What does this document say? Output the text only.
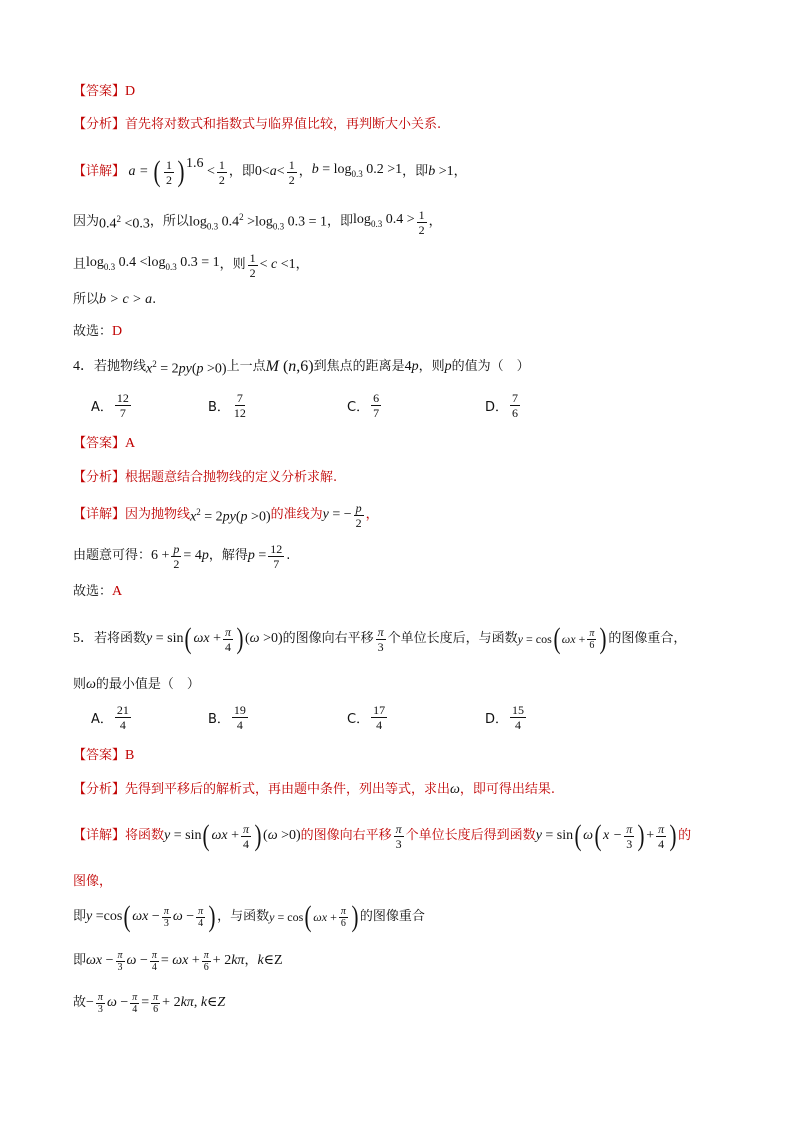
【答案】 D
【分析】 首先将对数式和指数式与临界值比较，再判断大小关系.
【详解】 a = ( $\frac{1}{2}$ ) 1.6
< $\frac{1}{2}$ ，即 $0<a< \frac{1}{2}$ ， $b = \log_{0.3} 0.2 >1$ ，即 b >1 ，
因为 $0.4^2 <0.3$ ，所以 $\log_{0.3} 0.4^2 >\log_{0.3}$ 0.3 = 1 ，即 $\log_{0.3} 0.4 > \frac{1}{2}$ ，
且 $\log_{0.3} 0.4 <\log_{0.3}$ 0.3 = 1 ，则 $\frac{1}{2} < c <1$ ，
所以 b > c > a .
故选： D
4． 若抛物线 $x^2 = 2py(p >0)$ 上一点 M (n,6) 到焦点的距离是 4p ，则 p 的值为（　）
A． $\frac{12}{7}$	B． $\frac{7}{12}$	C． $\frac{6}{7}$	D． $\frac{7}{6}$
【答案】 A
【分析】 根据题意结合抛物线的定义分析求解.
【详解】 因为抛物线 $x^2 = 2py(p >0)$ 的准线为 y = − $\frac{p}{2}$ ，
由题意可得： $6 + \frac{p}{2} = 4p$ ，解得 $p = \frac{12}{7}$ .
故选： A
5． 若将函数 y = sin ( $\omega x + \frac{\pi}{4}$ ) (ω >0) 的图像向右平移 $\frac{\pi}{3}$ 个单位长度后，与函数 y = cos ( $\omega x + \frac{\pi}{6}$ ) 的图像重合，
则 ω 的最小值是（　）
A． $\frac{21}{4}$	B． $\frac{19}{4}$	C． $\frac{17}{4}$	D． $\frac{15}{4}$
【答案】 B
【分析】 先得到平移后的解析式，再由题中条件，列出等式，求出 ω ，即可得出结果.
【详解】 将函数 y = sin ( $\omega x + \frac{\pi}{4}$ ) (ω >0) 的图像向右平移 $\frac{\pi}{3}$ 个单位长度后得到函数 y = sin ( ω ( $x - \frac{\pi}{3}$ ) + $\frac{\pi}{4}$ ) 的
图像，
即 y =cos ( $\omega x - \frac{\pi}{3}$ $\omega - \frac{\pi}{4}$ ) ，与函数 y = cos ( $\omega x + \frac{\pi}{6}$ ) 的图像重合
即 $\omega x - \frac{\pi}{3}$ $\omega - \frac{\pi}{4} = \omega x + \frac{\pi}{6} + 2k\pi$ ， k∈Z
故 − $\frac{\pi}{3}$ $\omega - \frac{\pi}{4} = \frac{\pi}{6} + 2k\pi$, k∈Z
